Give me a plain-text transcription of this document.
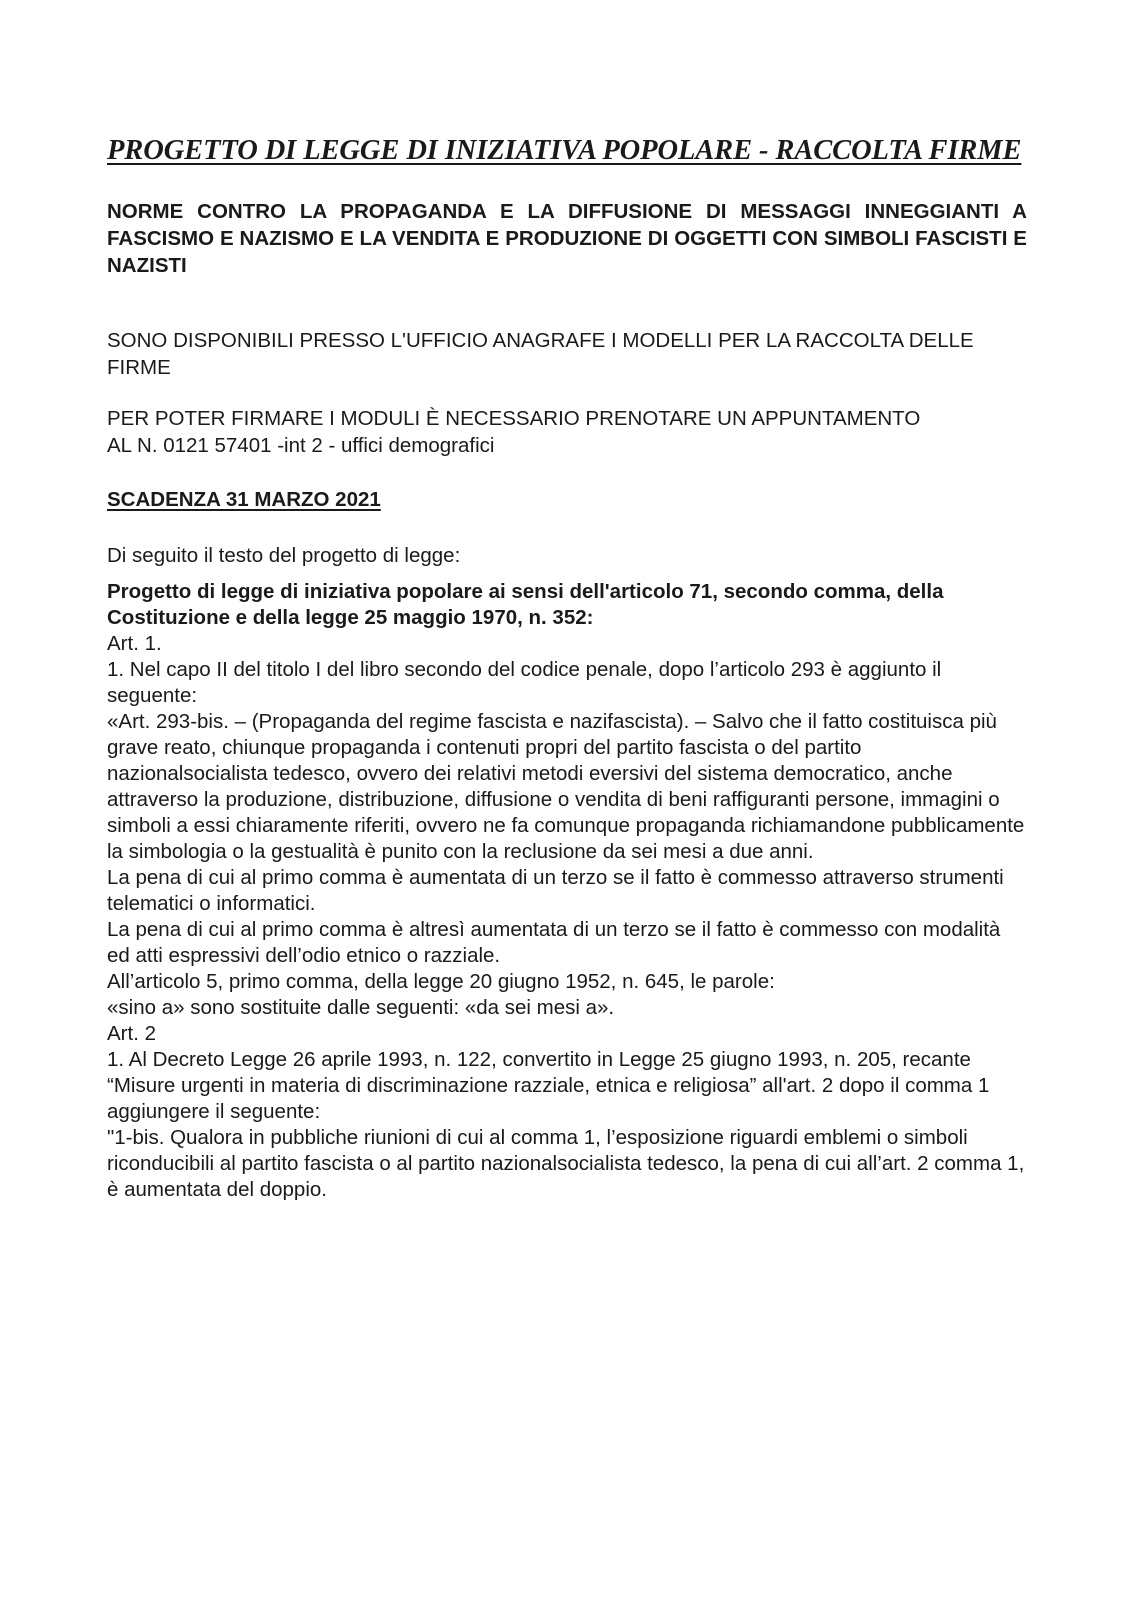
PROGETTO DI LEGGE DI INIZIATIVA POPOLARE - RACCOLTA FIRME

NORME CONTRO LA PROPAGANDA E LA DIFFUSIONE DI MESSAGGI INNEGGIANTI A FASCISMO E NAZISMO E LA VENDITA E PRODUZIONE DI OGGETTI CON SIMBOLI FASCISTI E NAZISTI

SONO DISPONIBILI PRESSO L'UFFICIO ANAGRAFE I MODELLI PER LA RACCOLTA DELLE FIRME

PER POTER FIRMARE I MODULI È NECESSARIO PRENOTARE UN APPUNTAMENTO
AL N. 0121 57401 -int 2 - uffici demografici

SCADENZA 31 MARZO 2021

Di seguito il testo del progetto di legge:

Progetto di legge di iniziativa popolare ai sensi dell'articolo 71, secondo comma, della Costituzione e della legge 25 maggio 1970, n. 352:

Art. 1.

1. Nel capo II del titolo I del libro secondo del codice penale, dopo l’articolo 293 è aggiunto il seguente:

«Art. 293-bis. – (Propaganda del regime fascista e nazifascista). – Salvo che il fatto costituisca più grave reato, chiunque propaganda i contenuti propri del partito fascista o del partito nazionalsocialista tedesco, ovvero dei relativi metodi eversivi del sistema democratico, anche attraverso la produzione, distribuzione, diffusione o vendita di beni raffiguranti persone, immagini o simboli a essi chiaramente riferiti, ovvero ne fa comunque propaganda richiamandone pubblicamente la simbologia o la gestualità è punito con la reclusione da sei mesi a due anni.

La pena di cui al primo comma è aumentata di un terzo se il fatto è commesso attraverso strumenti telematici o informatici.

La pena di cui al primo comma è altresì aumentata di un terzo se il fatto è commesso con modalità ed atti espressivi dell’odio etnico o razziale.

All’articolo 5, primo comma, della legge 20 giugno 1952, n. 645, le parole:

«sino a» sono sostituite dalle seguenti: «da sei mesi a».

Art. 2

1. Al Decreto Legge 26 aprile 1993, n. 122, convertito in Legge 25 giugno 1993, n. 205, recante “Misure urgenti in materia di discriminazione razziale, etnica e religiosa” all'art. 2 dopo il comma 1 aggiungere il seguente:

"1-bis. Qualora in pubbliche riunioni di cui al comma 1, l’esposizione riguardi emblemi o simboli riconducibili al partito fascista o al partito nazionalsocialista tedesco, la pena di cui all’art. 2 comma 1, è aumentata del doppio.
